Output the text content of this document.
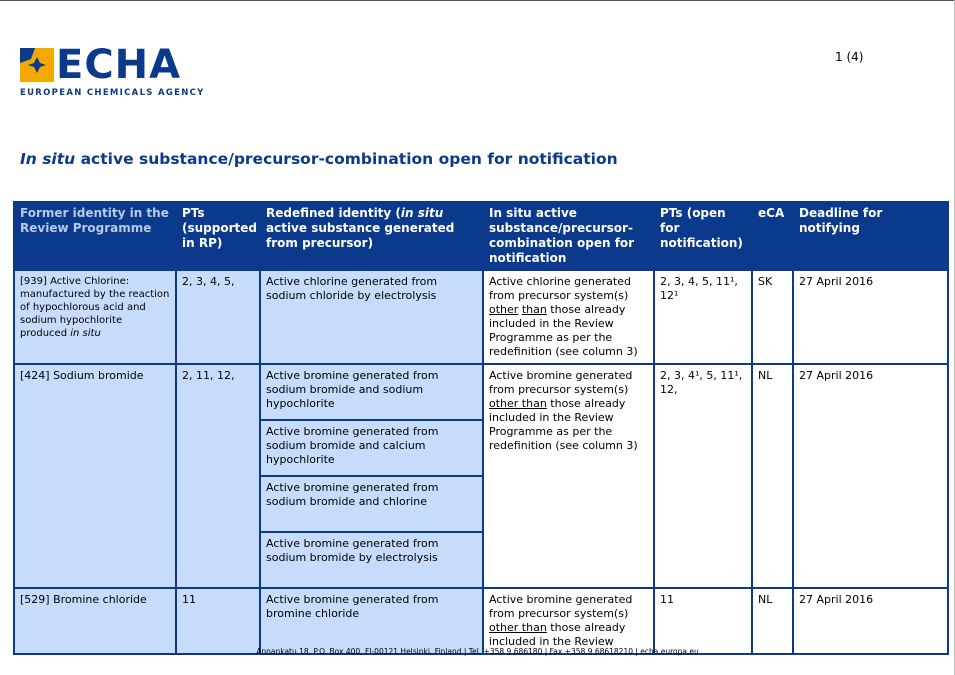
ECHA
EUROPEAN CHEMICALS AGENCY
1 (4)
In situ active substance/precursor-combination open for notification
Former identity in the Review Programme	PTs (supported in RP)	Redefined identity (in situ active substance generated from precursor)	In situ active substance/precursor-combination open for notification	PTs (open for notification)	eCA	Deadline for notifying
[939] Active Chlorine: manufactured by the reaction of hypochlorous acid and sodium hypochlorite produced in situ	2, 3, 4, 5,	Active chlorine generated from sodium chloride by electrolysis	Active chlorine generated from precursor system(s) other than those already included in the Review Programme as per the redefinition (see column 3)	2, 3, 4, 5, 11¹, 12¹	SK	27 April 2016
[424] Sodium bromide	2, 11, 12,	Active bromine generated from sodium bromide and sodium hypochlorite
Active bromine generated from sodium bromide and calcium hypochlorite
Active bromine generated from sodium bromide and chlorine
Active bromine generated from sodium bromide by electrolysis	Active bromine generated from precursor system(s) other than those already included in the Review Programme as per the redefinition (see column 3)	2, 3, 4¹, 5, 11¹, 12,	NL	27 April 2016
[529] Bromine chloride	11	Active bromine generated from bromine chloride	Active bromine generated from precursor system(s) other than those already included in the Review	11	NL	27 April 2016
Annankatu 18, P.O. Box 400, FI-00121 Helsinki, Finland | Tel. +358 9 686180 | Fax +358 9 68618210 | echa.europa.eu
